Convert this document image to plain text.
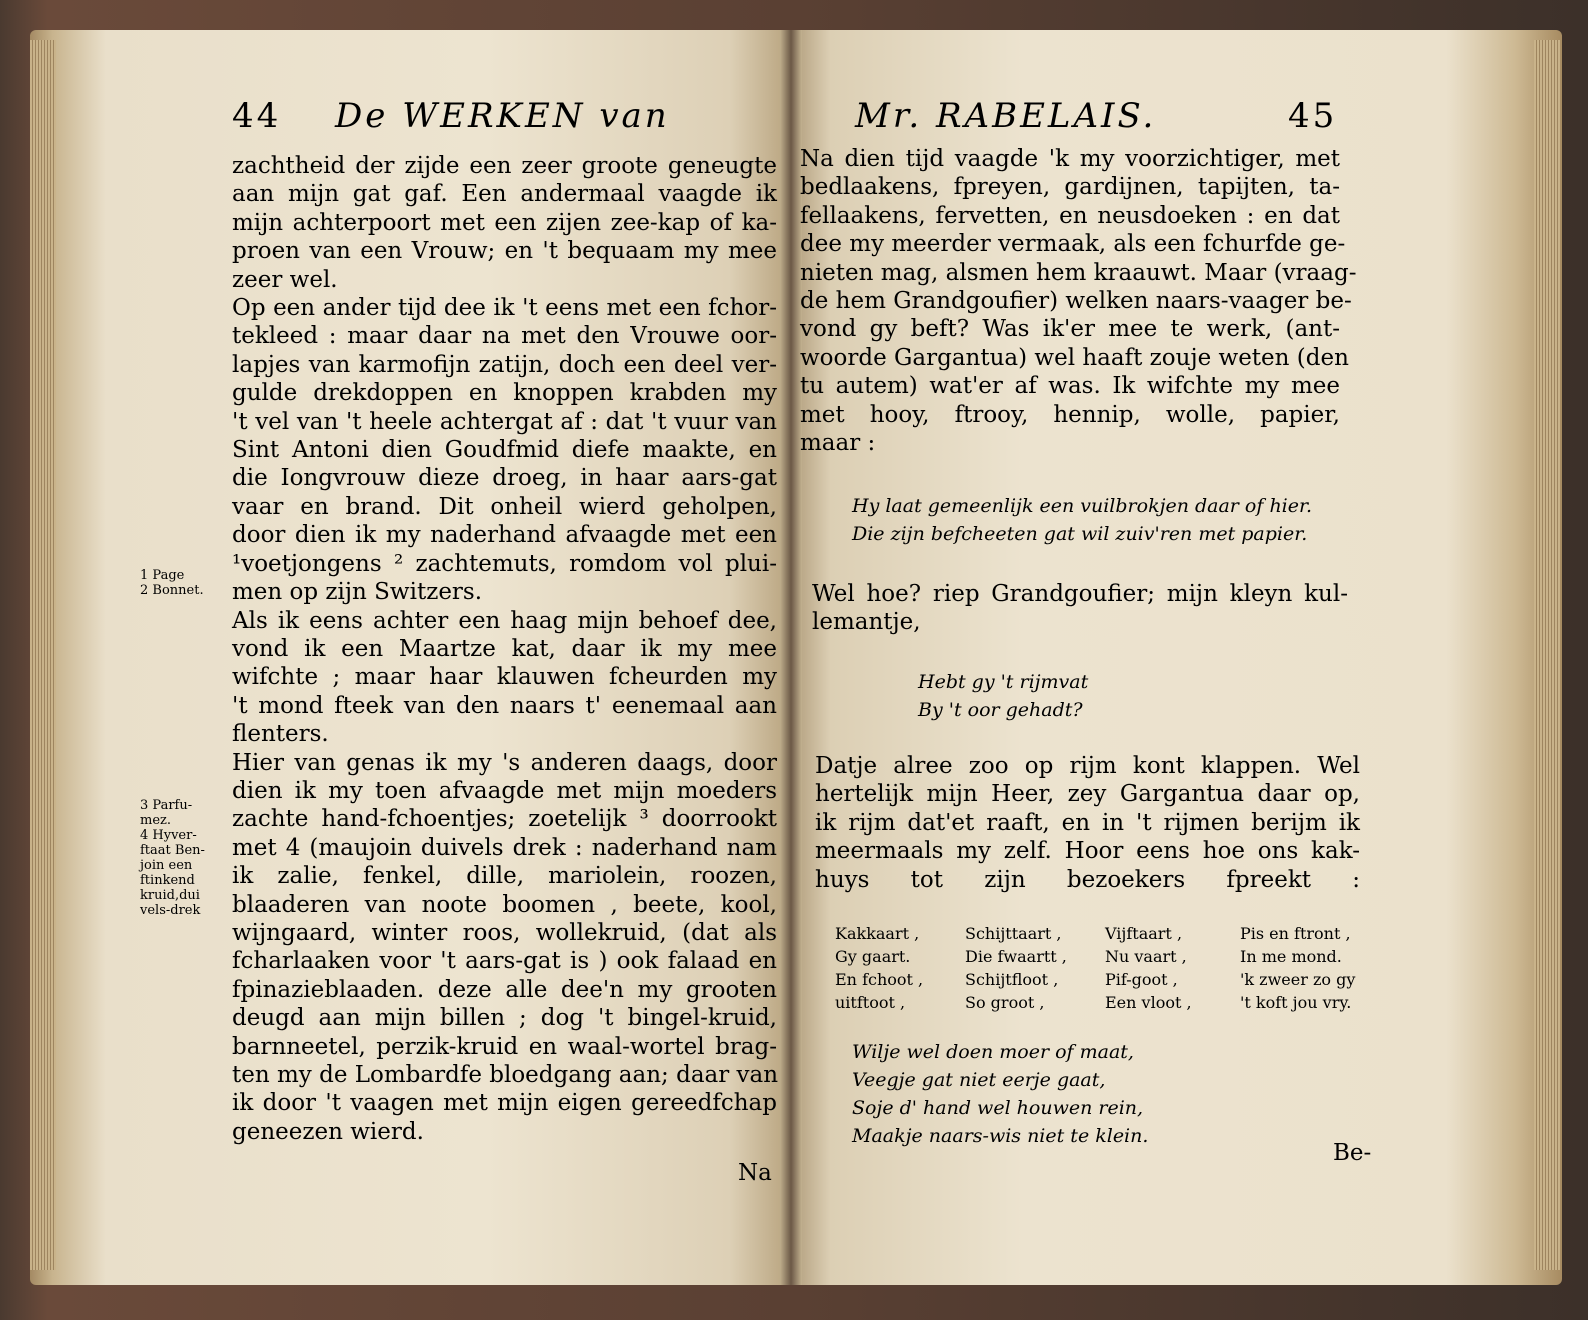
44 De WERKEN van	Mr. RABELAIS.	45
zachtheid der zijde een zeer groote geneugte
aan mijn gat gaf. Een andermaal vaagde ik
mijn achterpoort met een zijen zee-kap of ka-
proen van een Vrouw; en 't bequaam my mee
zeer wel.
Op een ander tijd dee ik 't eens met een fchor-
tekleed : maar daar na met den Vrouwe oor-
lapjes van karmofijn zatijn, doch een deel ver-
gulde drekdoppen en knoppen krabden my
't vel van 't heele achtergat af : dat 't vuur van
Sint Antoni dien Goudfmid diefe maakte, en
die Iongvrouw dieze droeg, in haar aars-gat
vaar en brand. Dit onheil wierd geholpen,
door dien ik my naderhand afvaagde met een
¹voetjongens ² zachtemuts, romdom vol plui-
men op zijn Switzers.
Als ik eens achter een haag mijn behoef dee,
vond ik een Maartze kat, daar ik my mee
wifchte ; maar haar klauwen fcheurden my
't mond fteek van den naars t' eenemaal aan
flenters.
Hier van genas ik my 's anderen daags, door
dien ik my toen afvaagde met mijn moeders
zachte hand-fchoentjes; zoetelijk ³ doorrookt
met 4 (maujoin duivels drek : naderhand nam
ik zalie, fenkel, dille, mariolein, roozen,
blaaderen van noote boomen , beete, kool,
wijngaard, winter roos, wollekruid, (dat als
fcharlaaken voor 't aars-gat is ) ook falaad en
fpinazieblaaden. deze alle dee'n my grooten
deugd aan mijn billen ; dog 't bingel-kruid,
barnneetel, perzik-kruid en waal-wortel brag-
ten my de Lombardfe bloedgang aan; daar van
ik door 't vaagen met mijn eigen gereedfchap
geneezen wierd.
1 Page
2 Bonnet.
3 Parfu-
mez.
4 Hyver-
ftaat Ben-
join een
ftinkend
kruid,dui
vels-drek
Na
Na dien tijd vaagde 'k my voorzichtiger, met
bedlaakens, fpreyen, gardijnen, tapijten, ta-
fellaakens, fervetten, en neusdoeken : en dat
dee my meerder vermaak, als een fchurfde ge-
nieten mag, alsmen hem kraauwt. Maar (vraag-
de hem Grandgoufier) welken naars-vaager be-
vond gy beft? Was ik'er mee te werk, (ant-
woorde Gargantua) wel haaft zouje weten (den
tu autem) wat'er af was. Ik wifchte my mee
met hooy, ftrooy, hennip, wolle, papier,
maar :
Hy laat gemeenlijk een vuilbrokjen daar of hier.
Die zijn befcheeten gat wil zuiv'ren met papier.
Wel hoe? riep Grandgoufier; mijn kleyn kul-
lemantje,
Hebt gy 't rijmvat
By 't oor gehadt?
Datje alree zoo op rijm kont klappen. Wel
hertelijk mijn Heer, zey Gargantua daar op,
ik rijm dat'et raaft, en in 't rijmen berijm ik
meermaals my zelf. Hoor eens hoe ons kak-
huys tot zijn bezoekers fpreekt :
Kakkaart ,	Schijttaart ,	Vijftaart ,	Pis en ftront ,
Gy gaart.	Die fwaartt ,	Nu vaart ,	In me mond.
En fchoot ,	Schijtfloot ,	Pif-goot ,	'k zweer zo gy
uitftoot ,	So groot ,	Een vloot ,	't koft jou vry.
Wilje wel doen moer of maat,
Veegje gat niet eerje gaat,
Soje d' hand wel houwen rein,
Maakje naars-wis niet te klein.
Be-
